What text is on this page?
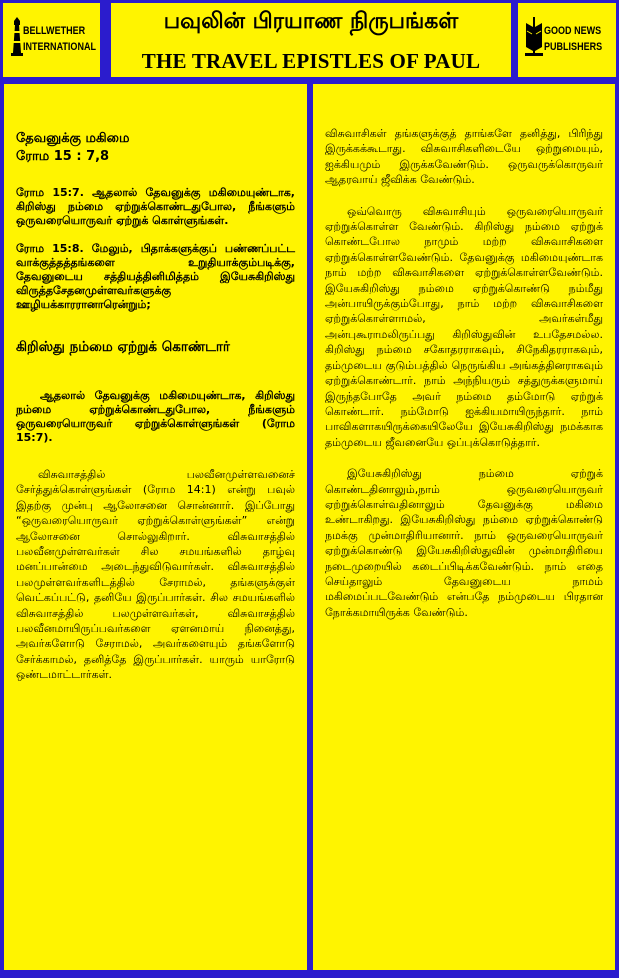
BELLWETHER
INTERNATIONAL
பவுலின் பிரயாண நிருபங்கள்
THE TRAVEL EPISTLES OF PAUL
GOOD NEWS
PUBLISHERS
தேவனுக்கு மகிமை
ரோம 15 : 7,8

ரோம 15:7. ஆதலால் தேவனுக்கு மகிமையுண்டாக, கிறிஸ்து நம்மை ஏற்றுக்கொண்டதுபோல, நீங்களும் ஒருவரையொருவர் ஏற்றுக் கொள்ளுங்கள்.

ரோம 15:8. மேலும், பிதாக்களுக்குப் பண்ணப்பட்ட வாக்குத்தத்தங்களை உறுதியாக்கும்படிக்கு, தேவனுடைய சத்தியத்தினிமித்தம் இயேசுகிறிஸ்து விருத்தசேதனமுள்ளவர்களுக்கு ஊழியக்காரரானாரென்றும்;

கிறிஸ்து நம்மை ஏற்றுக் கொண்டார்

ஆதலால் தேவனுக்கு மகிமையுண்டாக, கிறிஸ்து நம்மை ஏற்றுக்கொண்டதுபோல, நீங்களும் ஒருவரையொருவர் ஏற்றுக்கொள்ளுங்கள் (ரோம 15:7).

விசுவாசத்தில் பலவீனமுள்ளவனைச் சேர்த்துக்கொள்ளுங்கள் (ரோம 14:1) என்று பவுல் இதற்கு முன்பு ஆலோசனை சொன்னார். இப்போது “ஒருவரையொருவர் ஏற்றுக்கொள்ளுங்கள்” என்று ஆலோசனை சொல்லுகிறார். விசுவாசத்தில் பலவீனமுள்ளவர்கள் சில சமயங்களில் தாழ்வு மனப்பான்மை அடைந்துவிடுவார்கள். விசுவாசத்தில் பலமுள்ளவர்களிடத்தில் சேராமல், தங்களுக்குள் வெட்கப்பட்டு, தனியே இருப்பார்கள். சில சமயங்களில் விசுவாசத்தில் பலமுள்ளவர்கள், விசுவாசத்தில் பலவீனமாயிருப்பவர்களை ஏளனமாய் நினைத்து, அவர்களோடு சேராமல், அவர்களையும் தங்களோடு சேர்க்காமல், தனித்தே இருப்பார்கள். யாரும் யாரோடு ஒண்டமாட்டார்கள்.

விசுவாசிகள் தங்களுக்குத் தாங்களே தனித்து, பிரிந்து இருக்கக்கூடாது. விசுவாசிகளிடையே ஒற்றுமையும், ஐக்கியமும் இருக்கவேண்டும். ஒருவருக்கொருவர் ஆதரவாய் ஜீவிக்க வேண்டும்.

ஒவ்வொரு விசுவாசியும் ஒருவரையொருவர் ஏற்றுக்கொள்ள வேண்டும். கிறிஸ்து நம்மை ஏற்றுக் கொண்டபோல நாமும் மற்ற விசுவாசிகளை ஏற்றுக்கொள்ளவேண்டும். தேவனுக்கு மகிமையுண்டாக நாம் மற்ற விசுவாசிகளை ஏற்றுக்கொள்ளவேண்டும். இயேசுகிறிஸ்து நம்மை ஏற்றுக்கொண்டு நம்மீது அன்பாயிருக்கும்போது, நாம் மற்ற விசுவாசிகளை ஏற்றுக்கொள்ளாமல், அவர்கள்மீது அன்புகூராமலிருப்பது கிறிஸ்துவின் உபதேசமல்ல. கிறிஸ்து நம்மை சகோதரராகவும், சிநேகிதரராகவும், தம்முடைய குடும்பத்தில் நெருங்கிய அங்கத்தினராகவும் ஏற்றுக்கொண்டார். நாம் அந்நியரும் சத்துருக்களுமாய் இருந்தபோதே அவர் நம்மை தம்மோடு ஏற்றுக் கொண்டார். நம்மோடு ஐக்கியமாயிருந்தார். நாம் பாவிகளாகயிருக்கையிலேயே இயேசுகிறிஸ்து நமக்காக தம்முடைய ஜீவனையே ஒப்புக்கொடுத்தார்.

இயேசுகிறிஸ்து நம்மை ஏற்றுக் கொண்டதினாலும்,நாம் ஒருவரையொருவர் ஏற்றுக்கொள்வதினாலும் தேவனுக்கு மகிமை உண்டாகிறது. இயேசுகிறிஸ்து நம்மை ஏற்றுக்கொண்டு நமக்கு முன்மாதிரியானார். நாம் ஒருவரையொருவர் ஏற்றுக்கொண்டு இயேசுகிறிஸ்துவின் முன்மாதிரியை நடைமுறையில் கடைப்பிடிக்கவேண்டும். நாம் எதை செய்தாலும் தேவனுடைய நாமம் மகிமைப்படவேண்டும் என்பதே நம்முடைய பிரதான நோக்கமாயிருக்க வேண்டும்.
